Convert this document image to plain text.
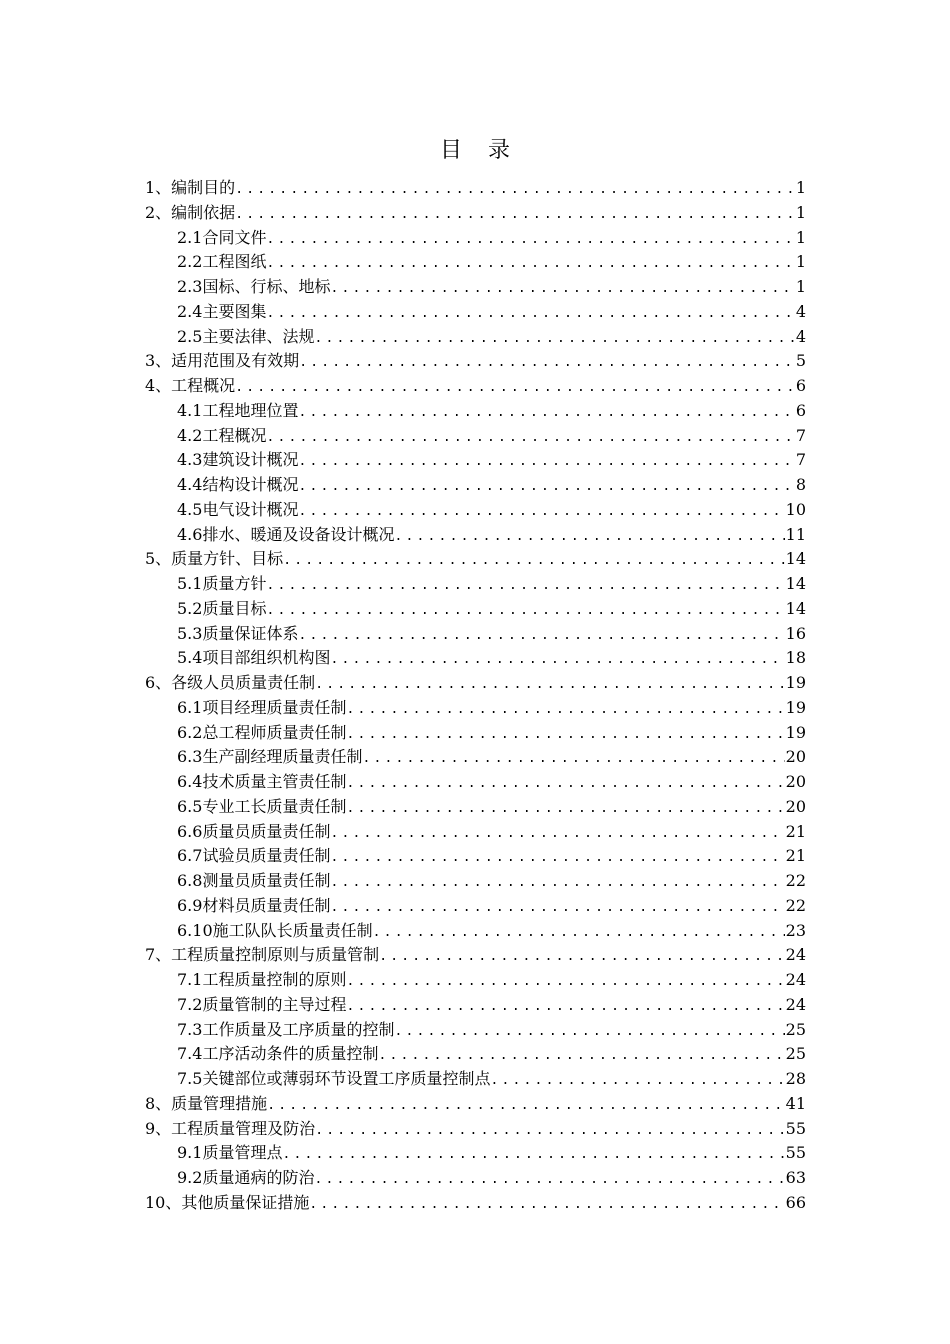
目 录
1、编制目的 .....	1
2、编制依据 .....	1
2.1合同文件 .....	1
2.2工程图纸 .....	1
2.3国标、行标、地标 .....	1
2.4主要图集 .....	4
2.5主要法律、法规 .....	4
3、适用范围及有效期 .....	5
4、工程概况 .....	6
4.1工程地理位置 .....	6
4.2工程概况 .....	7
4.3建筑设计概况 .....	7
4.4结构设计概况 .....	8
4.5电气设计概况 .....	10
4.6排水、暖通及设备设计概况 .....	11
5、质量方针、目标 .....	14
5.1质量方针 .....	14
5.2质量目标 .....	14
5.3质量保证体系 .....	16
5.4项目部组织机构图 .....	18
6、各级人员质量责任制 .....	19
6.1项目经理质量责任制 .....	19
6.2总工程师质量责任制 .....	19
6.3生产副经理质量责任制 .....	20
6.4技术质量主管责任制 .....	20
6.5专业工长质量责任制 .....	20
6.6质量员质量责任制 .....	21
6.7试验员质量责任制 .....	21
6.8测量员质量责任制 .....	22
6.9材料员质量责任制 .....	22
6.10施工队队长质量责任制 .....	23
7、工程质量控制原则与质量管制 .....	24
7.1工程质量控制的原则 .....	24
7.2质量管制的主导过程 .....	24
7.3工作质量及工序质量的控制 .....	25
7.4工序活动条件的质量控制 .....	25
7.5关键部位或薄弱环节设置工序质量控制点 .....	28
8、质量管理措施 .....	41
9、工程质量管理及防治 .....	55
9.1质量管理点 .....	55
9.2质量通病的防治 .....	63
10、其他质量保证措施 .....	66
